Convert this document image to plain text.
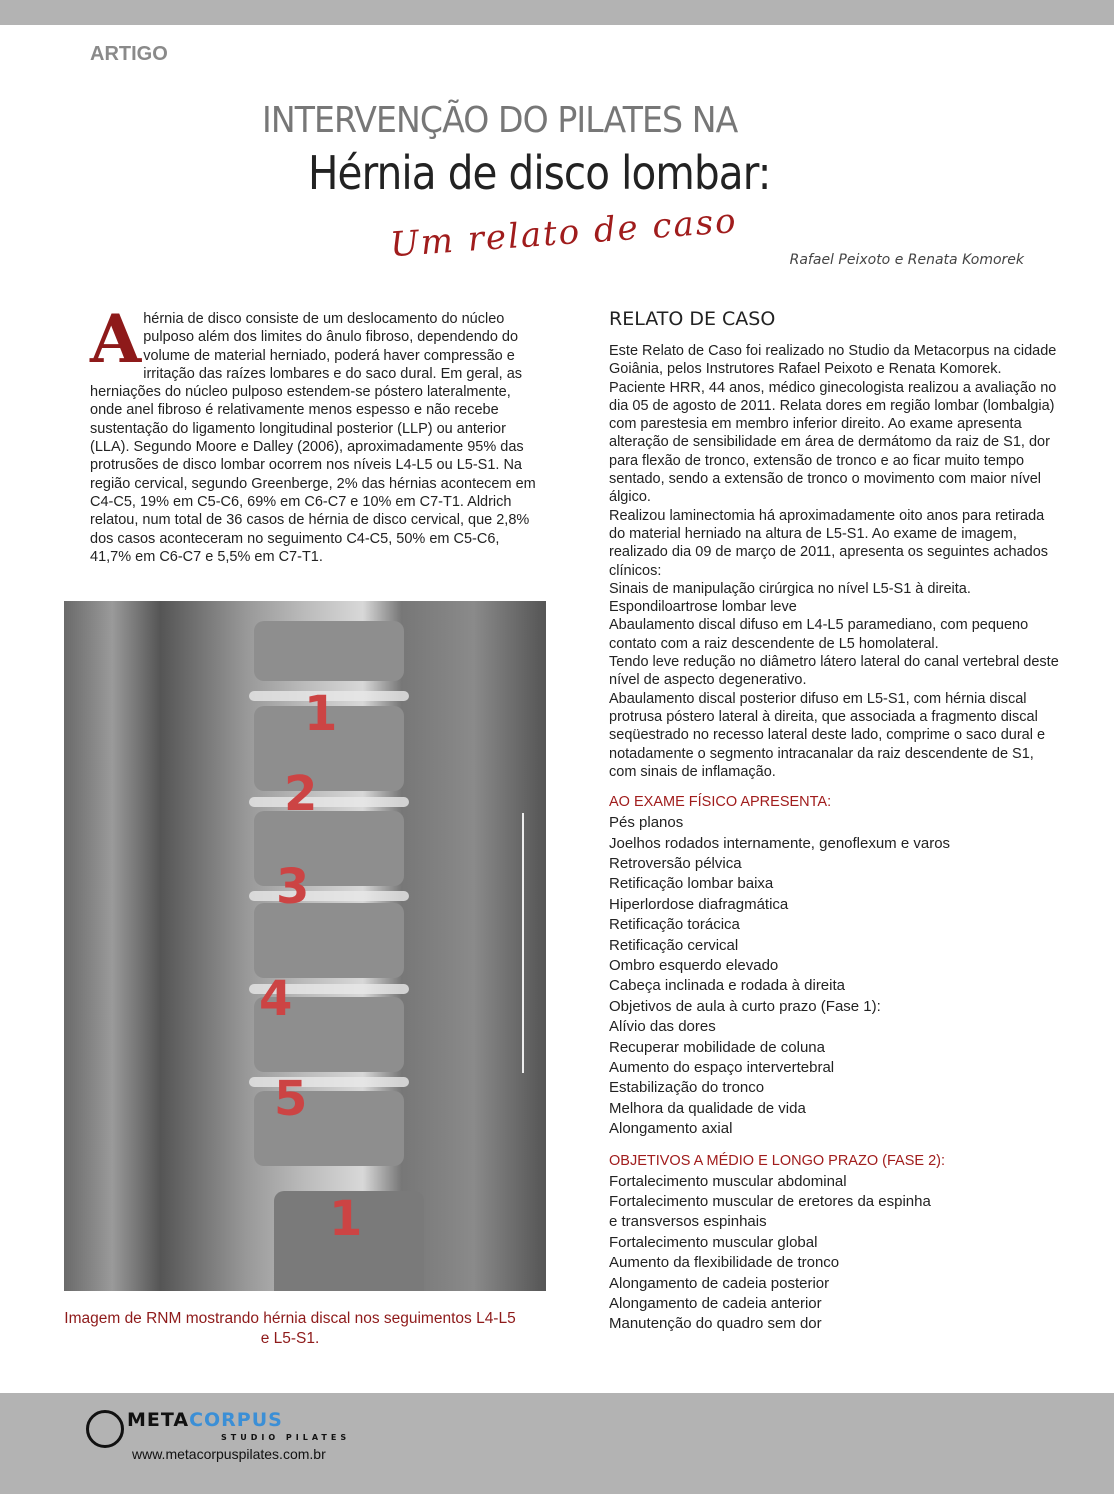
ARTIGO
INTERVENÇÃO DO PILATES NA
Hérnia de disco lombar:
Um relato de caso	Rafael Peixoto e Renata Komorek
A hérnia de disco consiste de um deslocamento do núcleo pulposo além dos limites do ânulo fibroso, dependendo do volume de material herniado, poderá haver compressão e irritação das raízes lombares e do saco dural. Em geral, as herniações do núcleo pulposo estendem-se póstero lateralmente, onde anel fibroso é relativamente menos espesso e não recebe sustentação do ligamento longitudinal posterior (LLP) ou anterior (LLA). Segundo Moore e Dalley (2006), aproximadamente 95% das protrusões de disco lombar ocorrem nos níveis L4-L5 ou L5-S1. Na região cervical, segundo Greenberge, 2% das hérnias acontecem em C4-C5, 19% em C5-C6, 69% em C6-C7 e 10% em C7-T1. Aldrich relatou, num total de 36 casos de hérnia de disco cervical, que 2,8% dos casos aconteceram no seguimento C4-C5, 50% em C5-C6, 41,7% em C6-C7 e 5,5% em C7-T1.
1
2
3
4
5
1
Imagem de RNM mostrando hérnia discal nos seguimentos L4-L5 e L5-S1.
RELATO DE CASO

Este Relato de Caso foi realizado no Studio da Metacorpus na cidade Goiânia, pelos Instrutores Rafael Peixoto e Renata Komorek.

Paciente HRR, 44 anos, médico ginecologista realizou a avaliação no dia 05 de agosto de 2011. Relata dores em região lombar (lombalgia) com parestesia em membro inferior direito. Ao exame apresenta alteração de sensibilidade em área de dermátomo da raiz de S1, dor para flexão de tronco, extensão de tronco e ao ficar muito tempo sentado, sendo a extensão de tronco o movimento com maior nível álgico.

Realizou laminectomia há aproximadamente oito anos para retirada do material herniado na altura de L5-S1. Ao exame de imagem, realizado dia 09 de março de 2011, apresenta os seguintes achados clínicos:

Sinais de manipulação cirúrgica no nível L5-S1 à direita.

Espondiloartrose lombar leve

Abaulamento discal difuso em L4-L5 paramediano, com pequeno contato com a raiz descendente de L5 homolateral.

Tendo leve redução no diâmetro látero lateral do canal vertebral deste nível de aspecto degenerativo.

Abaulamento discal posterior difuso em L5-S1, com hérnia discal protrusa póstero lateral à direita, que associada a fragmento discal seqüestrado no recesso lateral deste lado, comprime o saco dural e notadamente o segmento intracanalar da raiz descendente de S1, com sinais de inflamação.

AO EXAME FÍSICO APRESENTA:
Pés planos
Joelhos rodados internamente, genoflexum e varos
Retroversão pélvica
Retificação lombar baixa
Hiperlordose diafragmática
Retificação torácica
Retificação cervical
Ombro esquerdo elevado
Cabeça inclinada e rodada à direita
Objetivos de aula à curto prazo (Fase 1):
Alívio das dores
Recuperar mobilidade de coluna
Aumento do espaço intervertebral
Estabilização do tronco
Melhora da qualidade de vida
Alongamento axial
OBJETIVOS A MÉDIO E LONGO PRAZO (FASE 2):
Fortalecimento muscular abdominal
Fortalecimento muscular de eretores da espinha
e transversos espinhais
Fortalecimento muscular global
Aumento da flexibilidade de tronco
Alongamento de cadeia posterior
Alongamento de cadeia anterior
Manutenção do quadro sem dor
META CORPUS
STUDIO PILATES
www.metacorpuspilates.com.br
